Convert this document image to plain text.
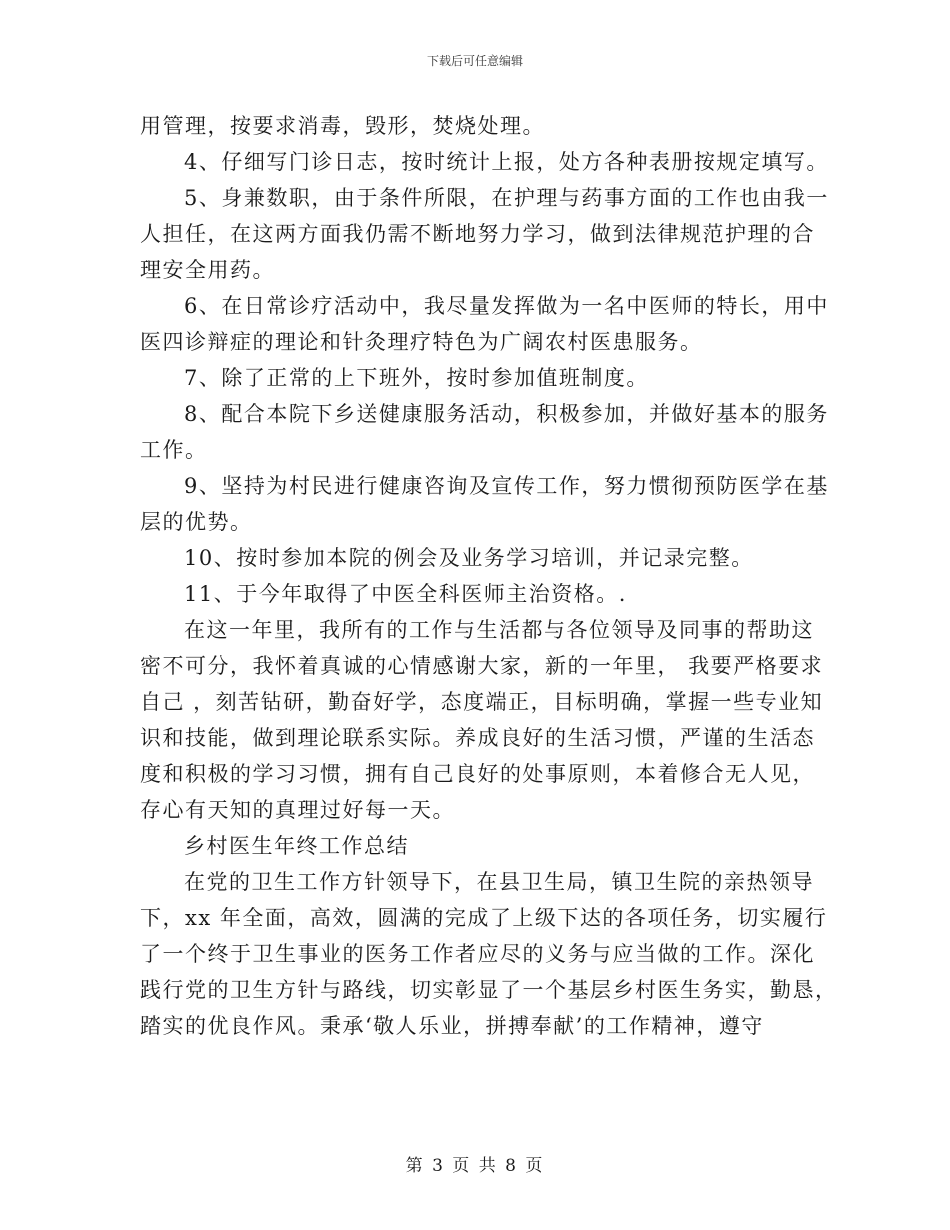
下载后可任意编辑

用管理，按要求消毒，毁形，焚烧处理。

4、仔细写门诊日志，按时统计上报，处方各种表册按规定填写。

5、身兼数职，由于条件所限，在护理与药事方面的工作也由我一

人担任，在这两方面我仍需不断地努力学习，做到法律规范护理的合

理安全用药。

6、在日常诊疗活动中，我尽量发挥做为一名中医师的特长，用中

医四诊辩症的理论和针灸理疗特色为广阔农村医患服务。

7、除了正常的上下班外，按时参加值班制度。

8、配合本院下乡送健康服务活动，积极参加，并做好基本的服务

工作。

9、坚持为村民进行健康咨询及宣传工作，努力惯彻预防医学在基

层的优势。

10、按时参加本院的例会及业务学习培训，并记录完整。

11、于今年取得了中医全科医师主治资格。.

在这一年里，我所有的工作与生活都与各位领导及同事的帮助这

密不可分，我怀着真诚的心情感谢大家，新的一年里， 我要严格要求

自己 ，刻苦钻研，勤奋好学，态度端正，目标明确，掌握一些专业知

识和技能，做到理论联系实际。养成良好的生活习惯，严谨的生活态

度和积极的学习习惯，拥有自己良好的处事原则，本着修合无人见，

存心有天知的真理过好每一天。

乡村医生年终工作总结

在党的卫生工作方针领导下，在县卫生局，镇卫生院的亲热领导

下，xx 年全面，高效，圆满的完成了上级下达的各项任务，切实履行

了一个终于卫生事业的医务工作者应尽的义务与应当做的工作。深化

践行党的卫生方针与路线，切实彰显了一个基层乡村医生务实，勤恳，

踏实的优良作风。秉承‘敬人乐业，拼搏奉献’的工作精神，遵守

第 3 页 共 8 页
